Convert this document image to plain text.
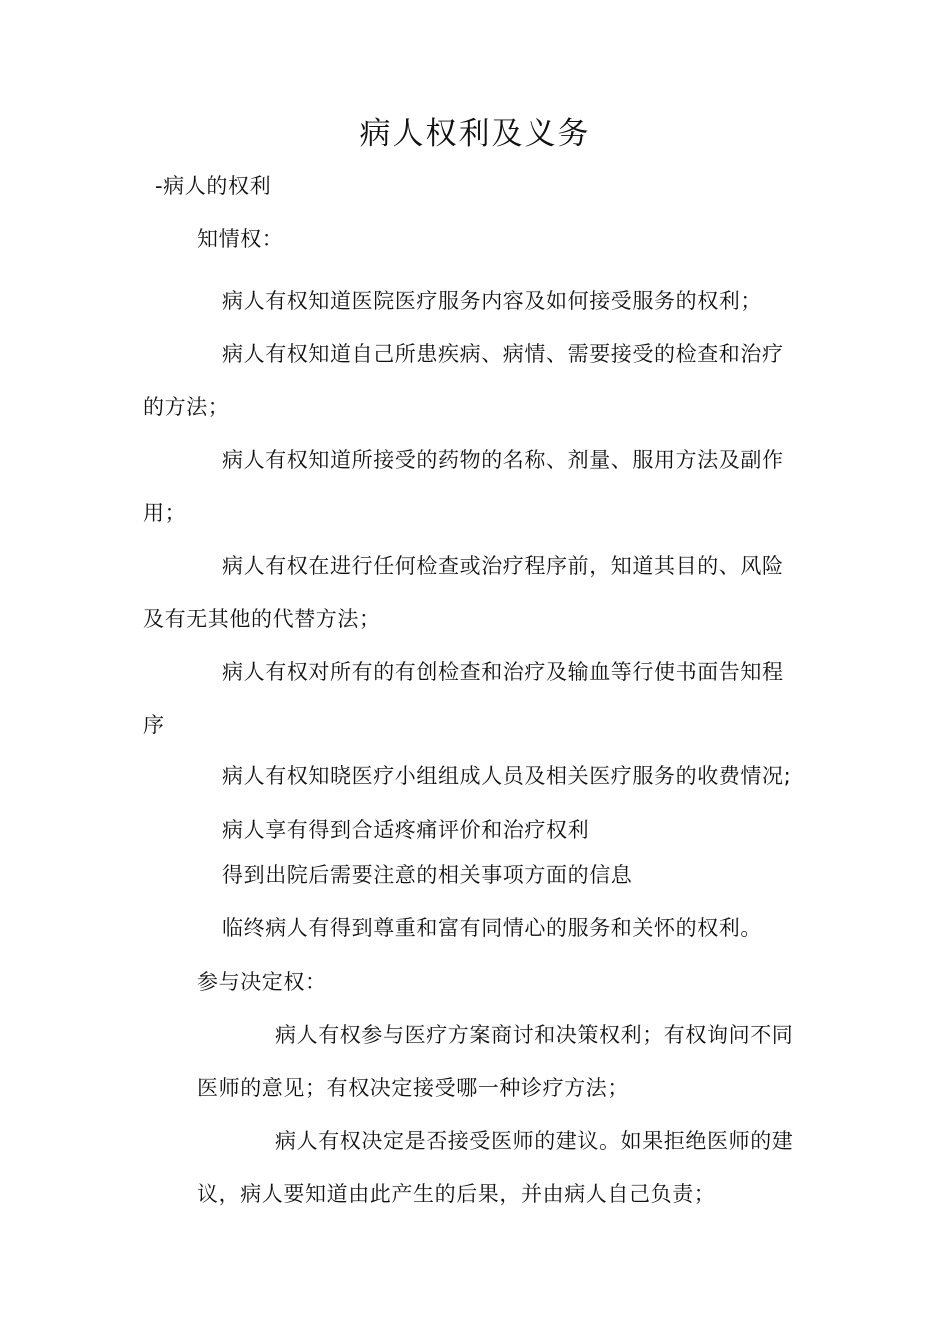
病人权利及义务
-病人的权利
知情权：
病人有权知道医院医疗服务内容及如何接受服务的权利；
病人有权知道自己所患疾病、病情、需要接受的检查和治疗
的方法；
病人有权知道所接受的药物的名称、剂量、服用方法及副作
用；
病人有权在进行任何检查或治疗程序前，知道其目的、风险
及有无其他的代替方法；
病人有权对所有的有创检查和治疗及输血等行使书面告知程
序
病人有权知晓医疗小组组成人员及相关医疗服务的收费情况;
病人享有得到合适疼痛评价和治疗权利
得到出院后需要注意的相关事项方面的信息
临终病人有得到尊重和富有同情心的服务和关怀的权利。
参与决定权：
病人有权参与医疗方案商讨和决策权利；有权询问不同
医师的意见；有权决定接受哪一种诊疗方法；
病人有权决定是否接受医师的建议。如果拒绝医师的建
议，病人要知道由此产生的后果，并由病人自己负责；
